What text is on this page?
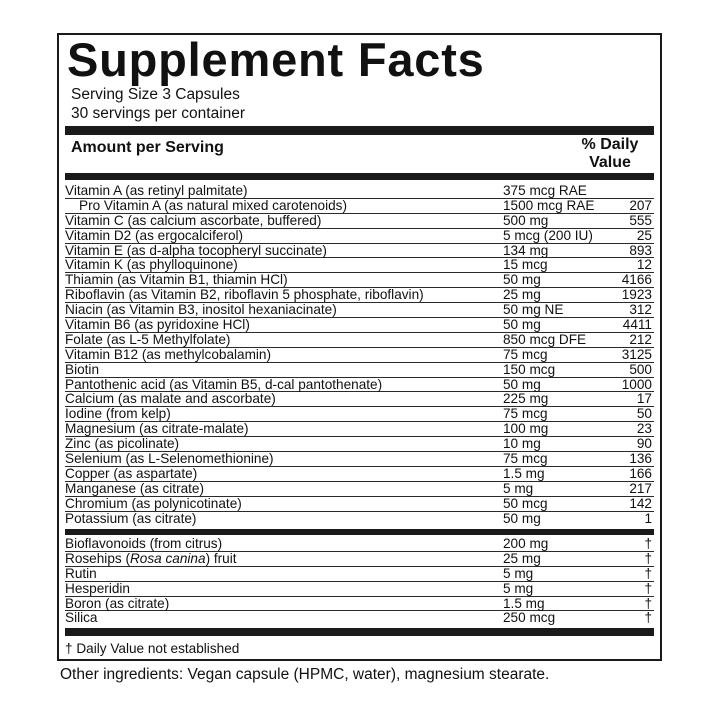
Supplement Facts
Serving Size 3 Capsules
30 servings per container
Amount per Serving	% Daily
Value
Vitamin A (as retinyl palmitate)	375 mcg RAE
Pro Vitamin A (as natural mixed carotenoids)	1500 mcg RAE	207
Vitamin C (as calcium ascorbate, buffered)	500 mg	555
Vitamin D2 (as ergocalciferol)	5 mcg (200 IU)	25
Vitamin E (as d-alpha tocopheryl succinate)	134 mg	893
Vitamin K (as phylloquinone)	15 mcg	12
Thiamin (as Vitamin B1, thiamin HCl)	50 mg	4166
Riboflavin (as Vitamin B2, riboflavin 5 phosphate, riboflavin)	25 mg	1923
Niacin (as Vitamin B3, inositol hexaniacinate)	50 mg NE	312
Vitamin B6 (as pyridoxine HCl)	50 mg	4411
Folate (as L-5 Methylfolate)	850 mcg DFE	212
Vitamin B12 (as methylcobalamin)	75 mcg	3125
Biotin	150 mcg	500
Pantothenic acid (as Vitamin B5, d-cal pantothenate)	50 mg	1000
Calcium (as malate and ascorbate)	225 mg	17
Iodine (from kelp)	75 mcg	50
Magnesium (as citrate-malate)	100 mg	23
Zinc (as picolinate)	10 mg	90
Selenium (as L-Selenomethionine)	75 mcg	136
Copper (as aspartate)	1.5 mg	166
Manganese (as citrate)	5 mg	217
Chromium (as polynicotinate)	50 mcg	142
Potassium (as citrate)	50 mg	1
Bioflavonoids (from citrus)	200 mg	†
Rosehips (Rosa canina) fruit	25 mg	†
Rutin	5 mg	†
Hesperidin	5 mg	†
Boron (as citrate)	1.5 mg	†
Silica	250 mcg	†
† Daily Value not established
Other ingredients: Vegan capsule (HPMC, water), magnesium stearate.
